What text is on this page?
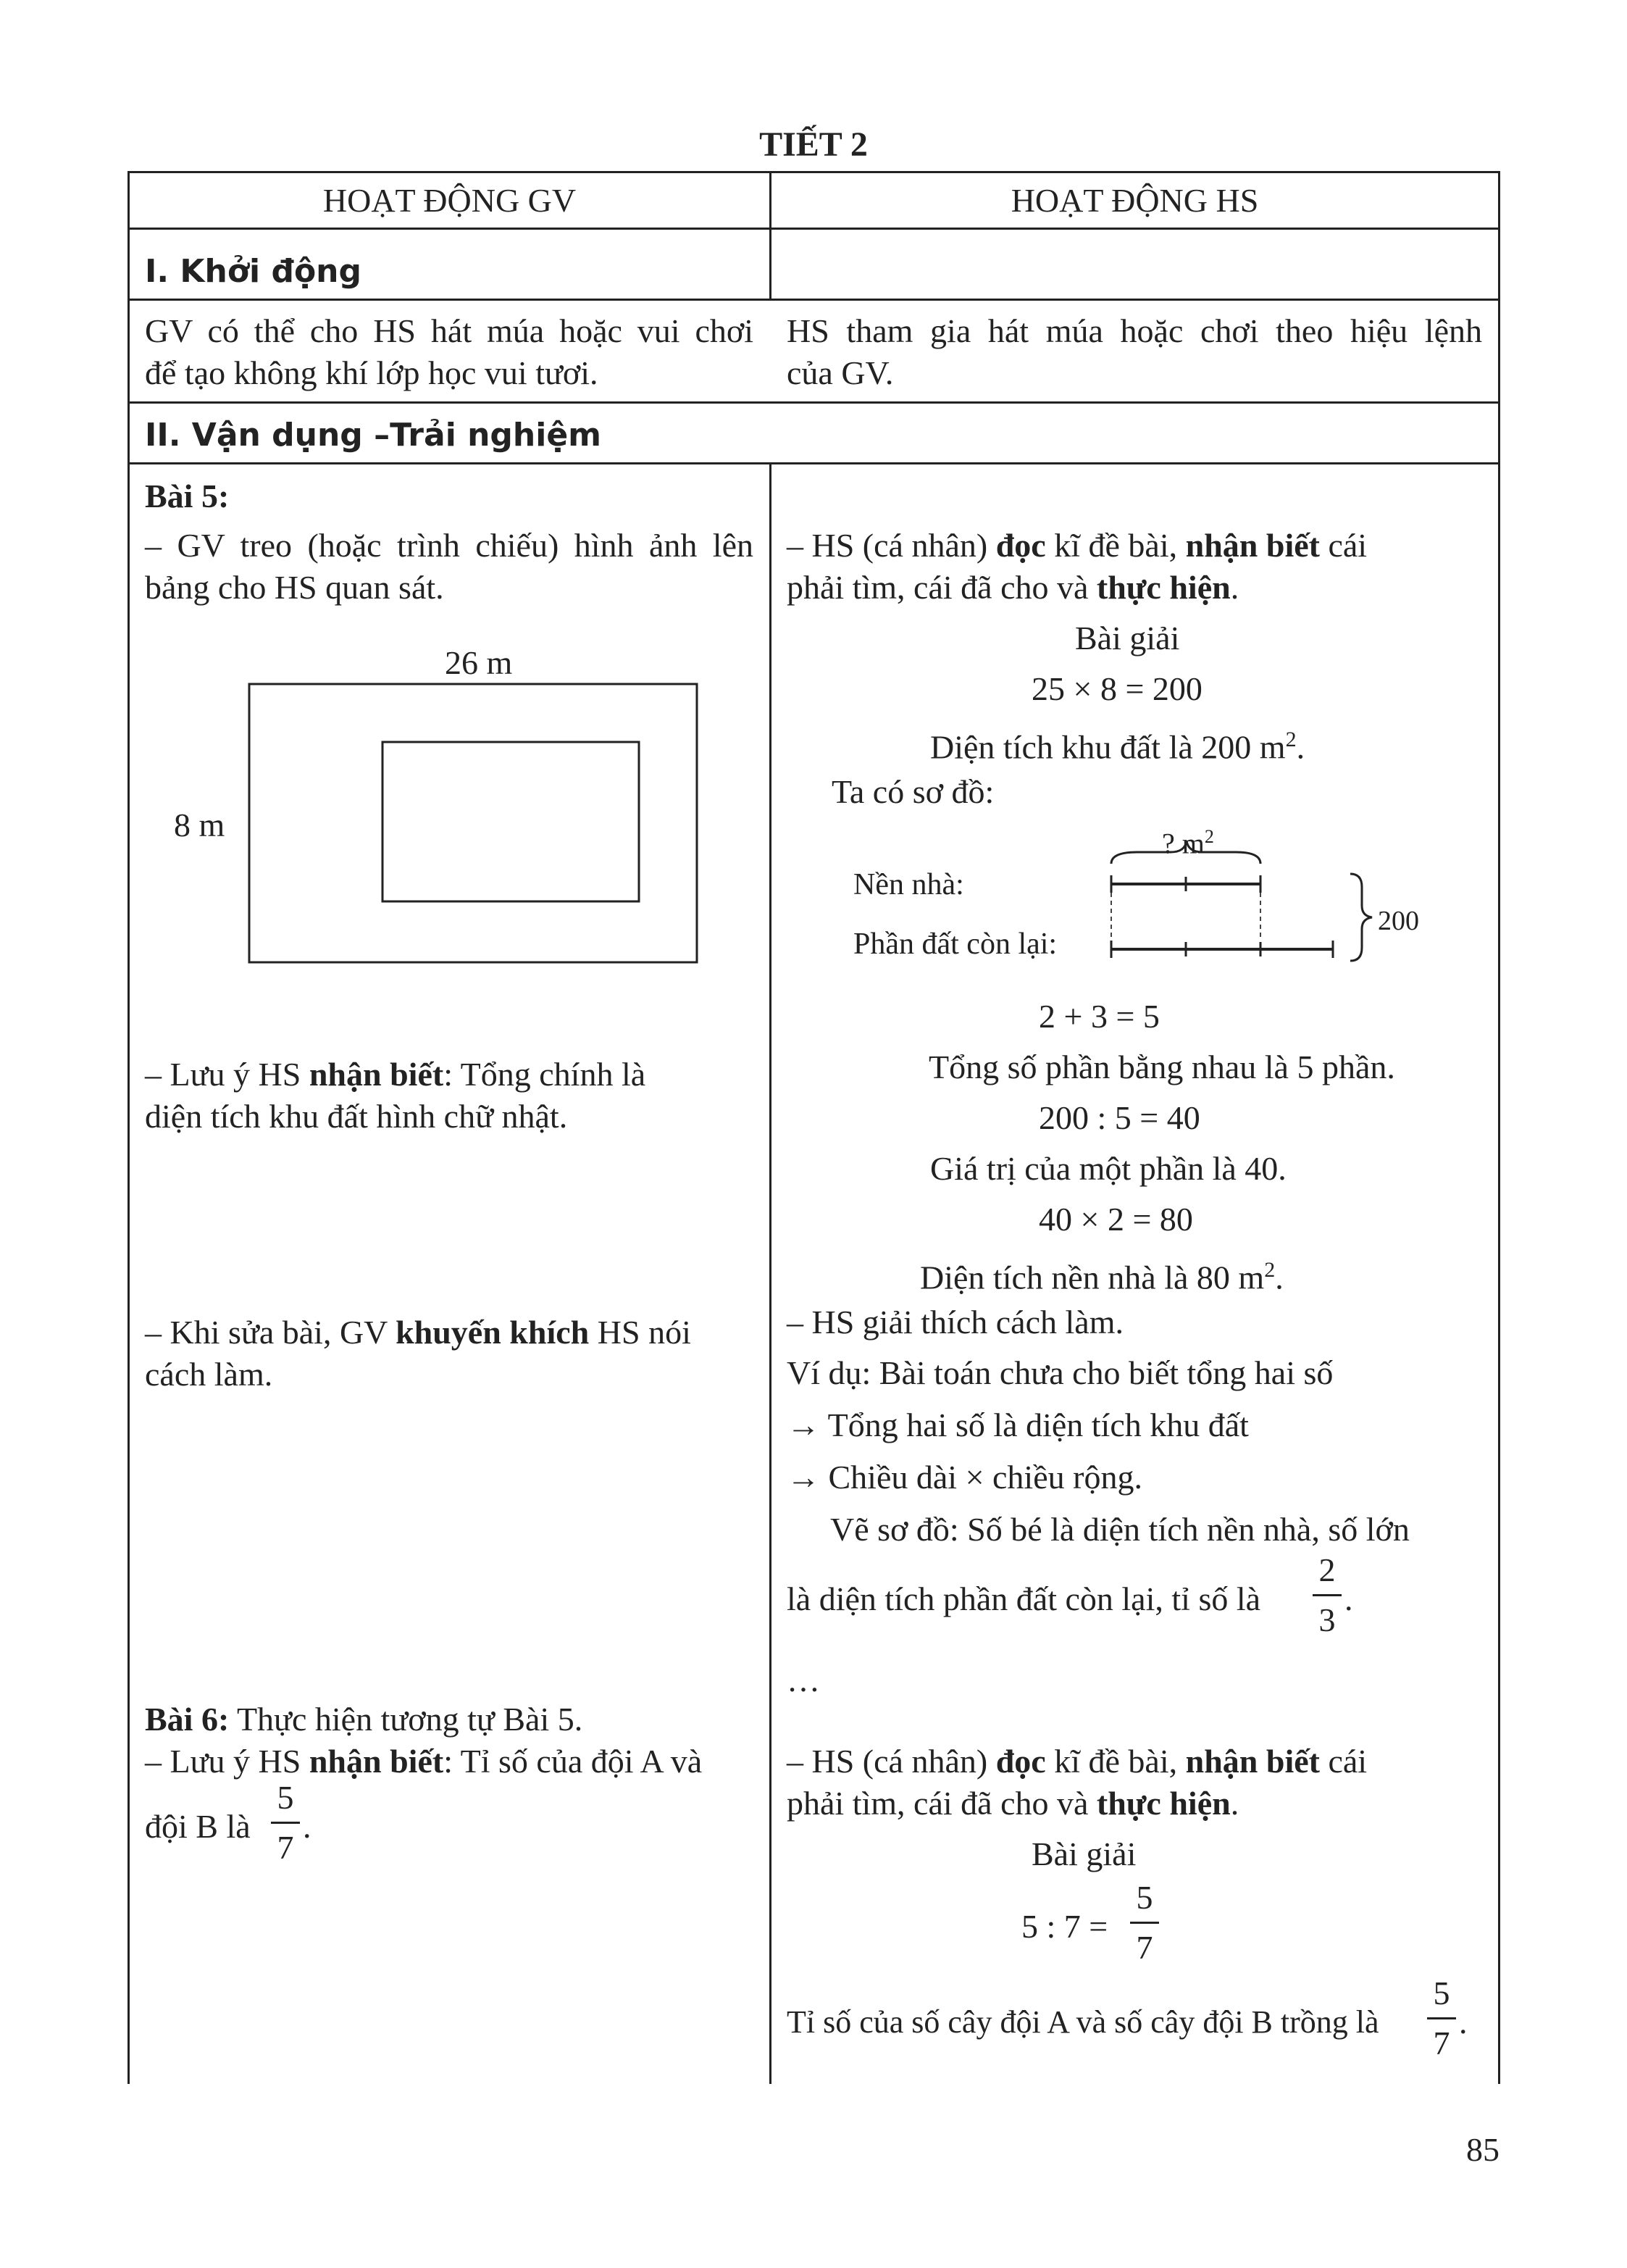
TIẾT 2
HOẠT ĐỘNG GV	HOẠT ĐỘNG HS
I. Khởi động
GV có thể cho HS hát múa hoặc vui chơi
để tạo không khí lớp học vui tươi.
HS tham gia hát múa hoặc chơi theo hiệu lệnh
của GV.
II. Vận dụng –Trải nghiệm
Bài 5:
– GV treo (hoặc trình chiếu) hình ảnh lên
bảng cho HS quan sát.
26 m
8 m
– Lưu ý HS nhận biết : Tổng chính là
diện tích khu đất hình chữ nhật.
– Khi sửa bài, GV khuyến khích HS nói
cách làm.
– HS (cá nhân) đọc kĩ đề bài, nhận biết cái
phải tìm, cái đã cho và thực hiện.
Bài giải
25 × 8 = 200
Diện tích khu đất là 200 $m^2$.
Ta có sơ đồ:
? $m^2$
Nền nhà:
Phần đất còn lại:
200
2 + 3 = 5
Tổng số phần bằng nhau là 5 phần.
200 : 5 = 40
Giá trị của một phần là 40.
40 × 2 = 80
Diện tích nền nhà là 80 $m^2$.
– HS giải thích cách làm.
Ví dụ: Bài toán chưa cho biết tổng hai số
→ Tổng hai số là diện tích khu đất
→ Chiều dài × chiều rộng.
Vẽ sơ đồ: Số bé là diện tích nền nhà, số lớn
là diện tích phần đất còn lại, tỉ số là
2
3
.
…
Bài 6: Thực hiện tương tự Bài 5.
– Lưu ý HS nhận biết : Tỉ số của đội A và
đội B là
5
7
.
– HS (cá nhân) đọc kĩ đề bài, nhận biết cái
phải tìm, cái đã cho và thực hiện.
Bài giải
5 : 7 =
5
7
Tỉ số của số cây đội A và số cây đội B trồng là
5
7
.
85
